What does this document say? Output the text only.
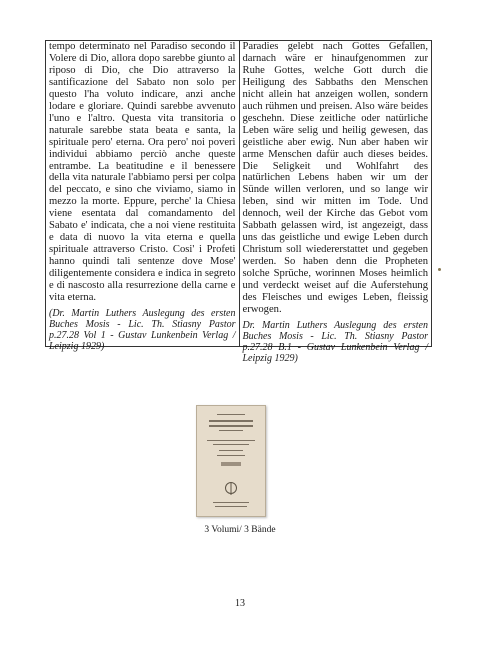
tempo determinato nel Paradiso secondo il Volere di Dio, allora dopo sarebbe giunto al riposo di Dio, che Dio attraverso la santificazione del Sabato non solo per questo l'ha voluto indicare, anzi anche lodare e gloriare. Quindi sarebbe avvenuto l'uno e l'altro. Questa vita transitoria o naturale sarebbe stata beata e santa, la spirituale pero' eterna. Ora pero' noi poveri individui abbiamo perciò anche queste entrambe. La beatitudine e il benessere della vita naturale l'abbiamo persi per colpa del peccato, e sino che viviamo, siamo in mezzo la morte. Eppure, perche' la Chiesa viene esentata dal comandamento del Sabato e' indicata, che a noi viene restituita e data di nuovo la vita eterna e quella spirituale attraverso Cristo. Cosi' i Profeti hanno quindi tali sentenze dove Mose' diligentemente considera e indica in segreto e di nascosto alla resurrezione della carne e vita eterna.

(Dr. Martin Luthers Auslegung des ersten Buches Mosis - Lic. Th. Stiasny Pastor p.27.28 Vol 1 - Gustav Lunkenbein Verlag / Leipzig 1929)

Paradies gelebt nach Gottes Gefallen, darnach wäre er hinaufgenommen zur Ruhe Gottes, welche Gott durch die Heiligung des Sabbaths den Menschen nicht allein hat anzeigen wollen, sondern auch rühmen und preisen. Also wäre beides geschehn. Diese zeitliche oder natürliche Leben wäre selig und heilig gewesen, das geistliche aber ewig. Nun aber haben wir arme Menschen dafür auch dieses beides. Die Seligkeit und Wohlfahrt des natürlichen Lebens haben wir um der Sünde willen verloren, und so lange wir leben, sind wir mitten im Tode. Und dennoch, weil der Kirche das Gebot vom Sabbath gelassen wird, ist angezeigt, dass uns das geistliche und ewige Leben durch Christum soll wiedererstattet und gegeben werden. So haben denn die Propheten solche Sprüche, worinnen Moses heimlich und verdeckt weiset auf die Auferstehung des Fleisches und ewiges Leben, fleissig erwogen.

Dr. Martin Luthers Auslegung des ersten Buches Mosis - Lic. Th. Stiasny Pastor p.27.28 B.1 - Gustav Lunkenbein Verlag / Leipzig 1929)

3 Volumi/ 3 Bände
13
